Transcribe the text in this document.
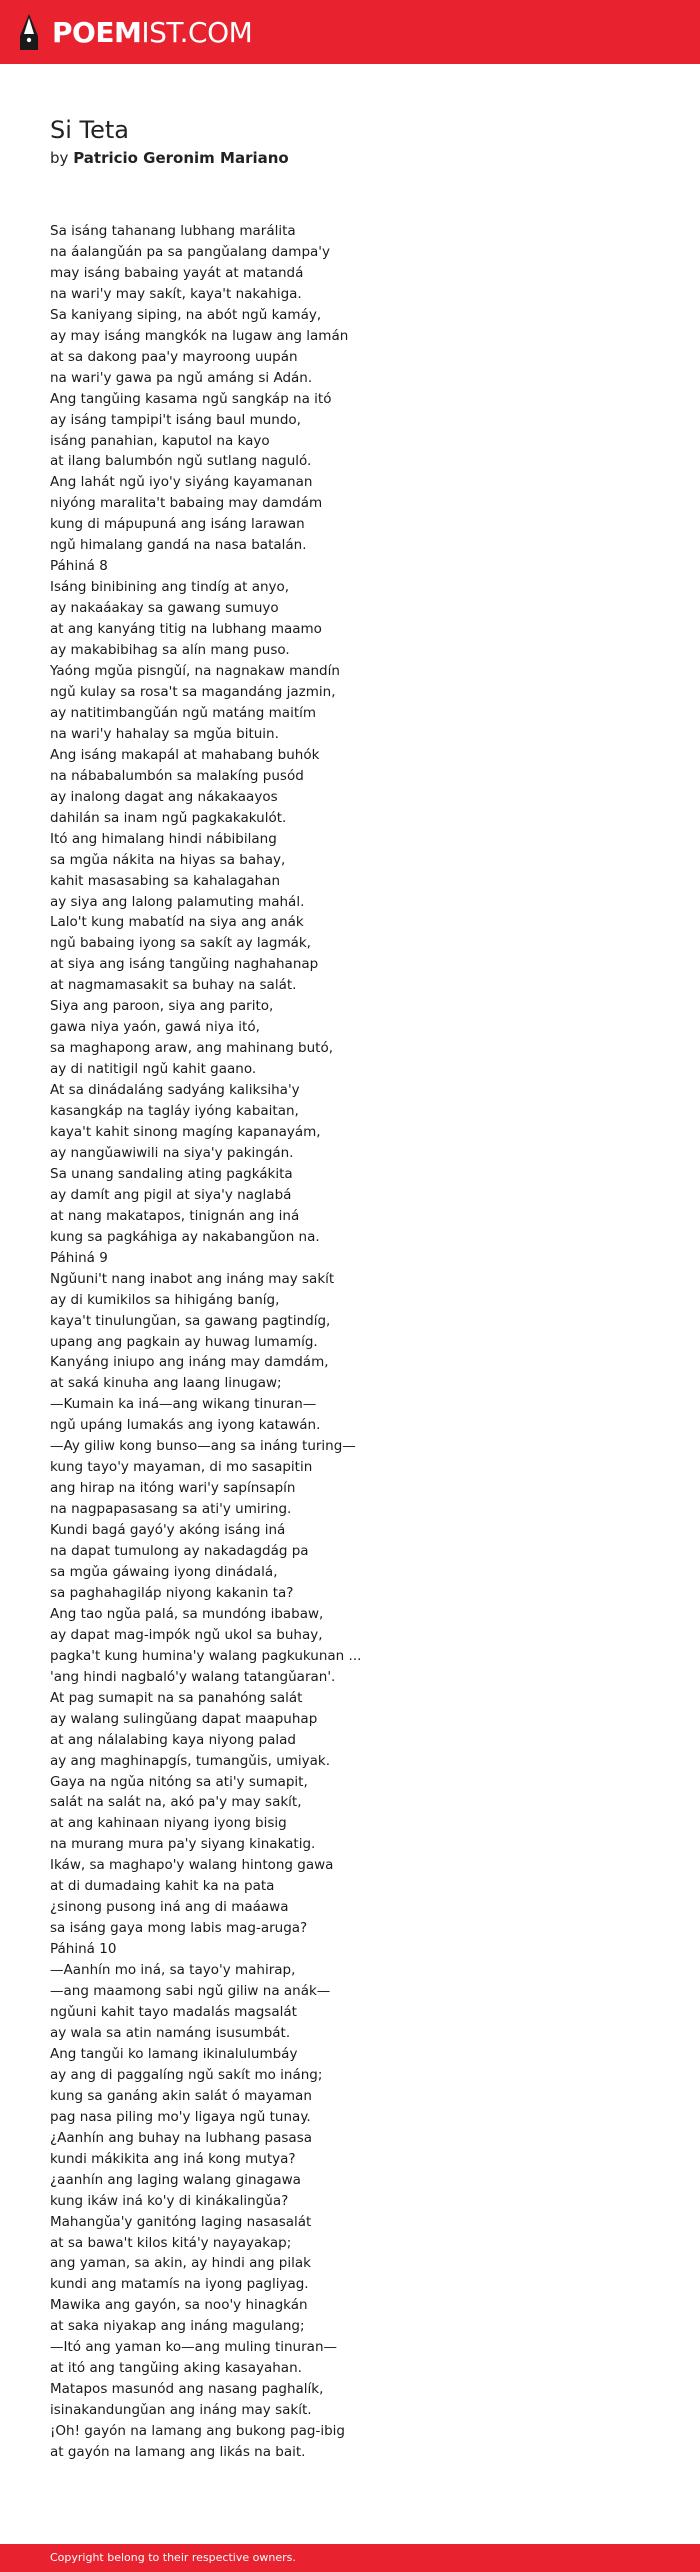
POEMIST.COM
Si Teta
by Patricio Geronim Mariano
Sa isáng tahanang lubhang marálita
na áalangǔán pa sa pangǔalang dampa'y
may isáng babaing yayát at matandá
na wari'y may sakít, kaya't nakahiga.
Sa kaniyang siping, na abót ngǔ kamáy,
ay may isáng mangkók na lugaw ang lamán
at sa dakong paa'y mayroong uupán
na wari'y gawa pa ngǔ amáng si Adán.
Ang tangǔing kasama ngǔ sangkáp na itó
ay isáng tampipi't isáng baul mundo,
isáng panahian, kaputol na kayo
at ilang balumbón ngǔ sutlang naguló.
Ang lahát ngǔ iyo'y siyáng kayamanan
niyóng maralita't babaing may damdám
kung di mápupuná ang isáng larawan
ngǔ himalang gandá na nasa batalán.
Páhiná 8
Isáng binibining ang tindíg at anyo,
ay nakaáakay sa gawang sumuyo
at ang kanyáng titig na lubhang maamo
ay makabibihag sa alín mang puso.
Yaóng mgǔa pisngǔí, na nagnakaw mandín
ngǔ kulay sa rosa't sa magandáng jazmin,
ay natitimbangǔán ngǔ matáng maitím
na wari'y hahalay sa mgǔa bituin.
Ang isáng makapál at mahabang buhók
na nábabalumbón sa malakíng pusód
ay inalong dagat ang nákakaayos
dahilán sa inam ngǔ pagkakakulót.
Itó ang himalang hindi nábibilang
sa mgǔa nákita na hiyas sa bahay,
kahit masasabing sa kahalagahan
ay siya ang lalong palamuting mahál.
Lalo't kung mabatíd na siya ang anák
ngǔ babaing iyong sa sakít ay lagmák,
at siya ang isáng tangǔing naghahanap
at nagmamasakit sa buhay na salát.
Siya ang paroon, siya ang parito,
gawa niya yaón, gawá niya itó,
sa maghapong araw, ang mahinang butó,
ay di natitigil ngǔ kahit gaano.
At sa dinádaláng sadyáng kaliksiha'y
kasangkáp na tagláy iyóng kabaitan,
kaya't kahit sinong magíng kapanayám,
ay nangǔawiwili na siya'y pakingán.
Sa unang sandaling ating pagkákita
ay damít ang pigil at siya'y naglabá
at nang makatapos, tinignán ang iná
kung sa pagkáhiga ay nakabangǔon na.
Páhiná 9
Ngǔuni't nang inabot ang ináng may sakít
ay di kumikilos sa hihigáng baníg,
kaya't tinulungǔan, sa gawang pagtindíg,
upang ang pagkain ay huwag lumamíg.
Kanyáng iniupo ang ináng may damdám,
at saká kinuha ang laang linugaw;
—Kumain ka iná—ang wikang tinuran—
ngǔ upáng lumakás ang iyong katawán.
—Ay giliw kong bunso—ang sa ináng turing—
kung tayo'y mayaman, di mo sasapitin
ang hirap na itóng wari'y sapínsapín
na nagpapasasang sa ati'y umiring.
Kundi bagá gayó'y akóng isáng iná
na dapat tumulong ay nakadagdág pa
sa mgǔa gáwaing iyong dinádalá,
sa paghahagiláp niyong kakanin ta?
Ang tao ngǔa palá, sa mundóng ibabaw,
ay dapat mag-impók ngǔ ukol sa buhay,
pagka't kung humina'y walang pagkukunan ...
'ang hindi nagbaló'y walang tatangǔaran'.
At pag sumapit na sa panahóng salát
ay walang sulingǔang dapat maapuhap
at ang nálalabing kaya niyong palad
ay ang maghinapgís, tumangǔis, umiyak.
Gaya na ngǔa nitóng sa ati'y sumapit,
salát na salát na, akó pa'y may sakít,
at ang kahinaan niyang iyong bisig
na murang mura pa'y siyang kinakatig.
Ikáw, sa maghapo'y walang hintong gawa
at di dumadaing kahit ka na pata
¿sinong pusong iná ang di maáawa
sa isáng gaya mong labis mag-aruga?
Páhiná 10
—Aanhín mo iná, sa tayo'y mahirap,
—ang maamong sabi ngǔ giliw na anák—
ngǔuni kahit tayo madalás magsalát
ay wala sa atin namáng isusumbát.
Ang tangǔi ko lamang ikinalulumbáy
ay ang di paggalíng ngǔ sakít mo ináng;
kung sa ganáng akin salát ó mayaman
pag nasa piling mo'y ligaya ngǔ tunay.
¿Aanhín ang buhay na lubhang pasasa
kundi mákikita ang iná kong mutya?
¿aanhín ang laging walang ginagawa
kung ikáw iná ko'y di kinákalingǔa?
Mahangǔa'y ganitóng laging nasasalát
at sa bawa't kilos kitá'y nayayakap;
ang yaman, sa akin, ay hindi ang pilak
kundi ang matamís na iyong pagliyag.
Mawika ang gayón, sa noo'y hinagkán
at saka niyakap ang ináng magulang;
—Itó ang yaman ko—ang muling tinuran—
at itó ang tangǔing aking kasayahan.
Matapos masunód ang nasang paghalík,
isinakandungǔan ang ináng may sakít.
¡Oh! gayón na lamang ang bukong pag-ibig
at gayón na lamang ang likás na bait.
Copyright belong to their respective owners.
